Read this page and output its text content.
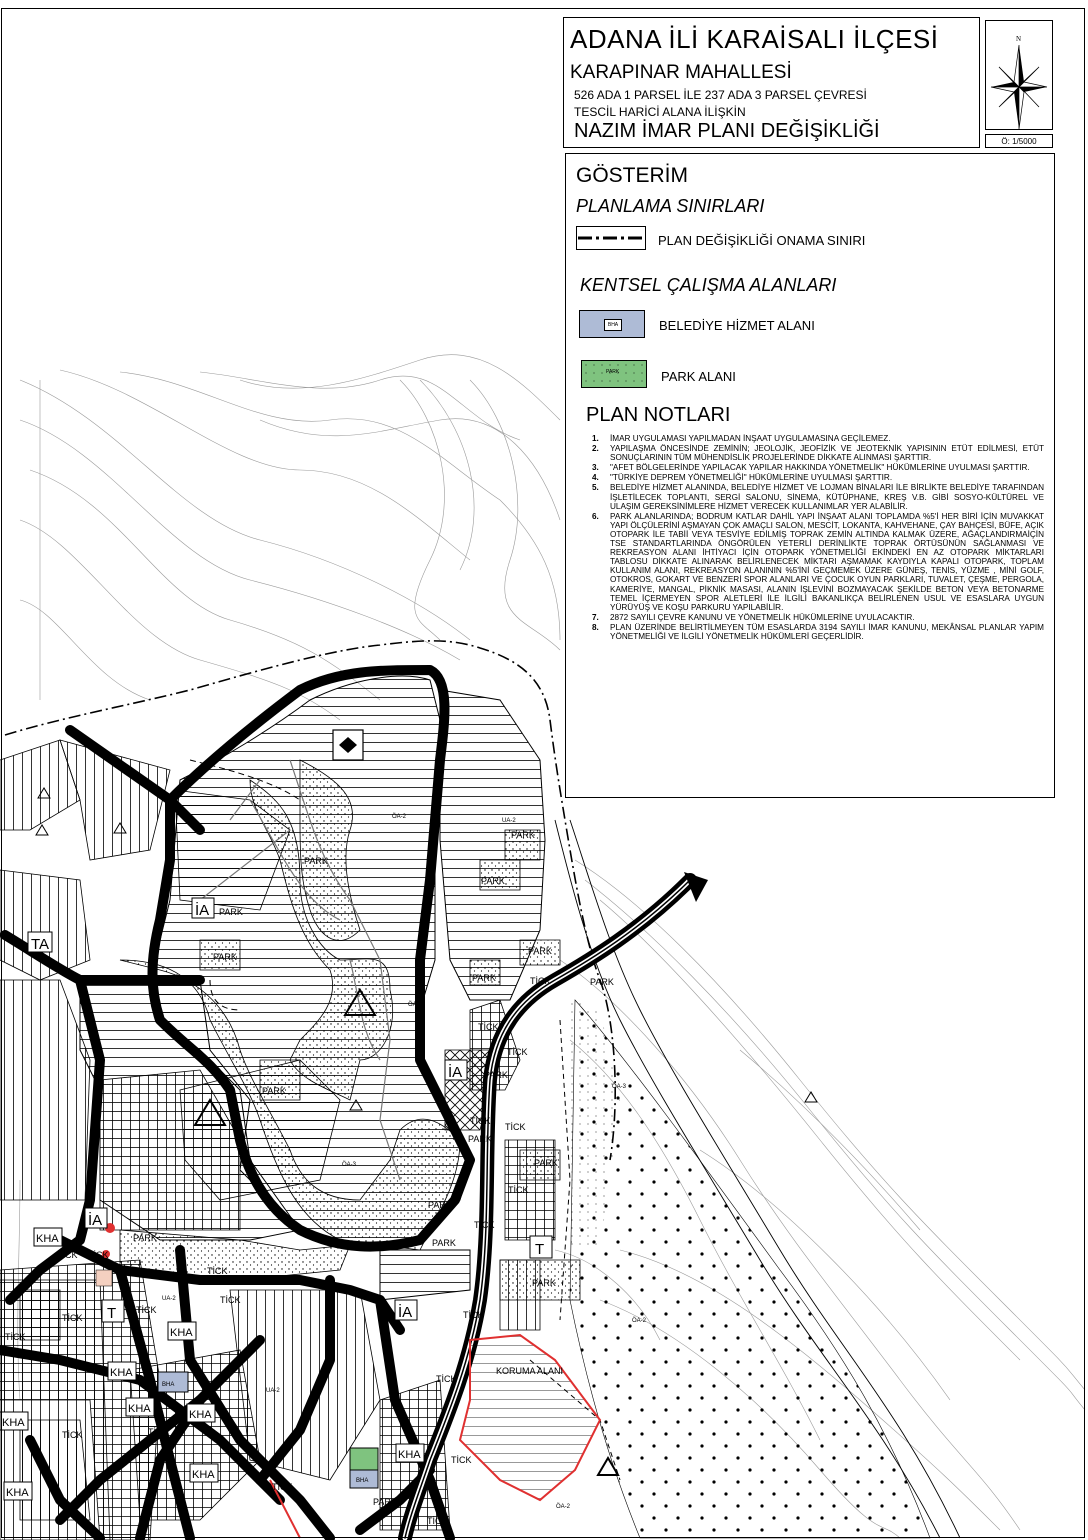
PARK
PARK
PARK
PARK
PARK
PARK
PARK
PARK
PARK
PARK
PARK
PARK
PARK
PARK
PARK
TİCK
TİCK
TİCK
TİCK
TİCK
TİCK
TİCK
TİCK
TİCK
TİCK
TİCK
TİCK
TİCK
TİCK
TİCK
TİCK
TİCK
TİCK
TİCK
TİCK TİCK
PARK
PARK
KORUMA ALANI
UA-2
UA-2
UA-2
ÖA-2
ÖA-2
ÖA-2
ÖA-2
ÖA-3
ÖA-3
İA
İA
İA
İA
TA
T
T
KHA
KHA
KHA
KHA	KHA
KHA
KHA
KHA
KHA
BHA
BHA
ADANA İLİ KARAİSALI İLÇESİ
KARAPINAR MAHALLESİ
526 ADA 1 PARSEL İLE 237 ADA 3 PARSEL ÇEVRESİ
TESCİL HARİCİ ALANA İLİŞKİN
NAZIM İMAR PLANI DEĞİŞİKLİĞİ
N
Ö: 1/5000
GÖSTERİM
PLANLAMA SINIRLARI
PLAN DEĞİŞİKLİĞİ ONAMA SINIRI
KENTSEL ÇALIŞMA ALANLARI
BHA	BELEDİYE HİZMET ALANI
PARK	PARK ALANI
PLAN NOTLARI
1.	İMAR UYGULAMASI YAPILMADAN İNŞAAT UYGULAMASINA GEÇİLEMEZ.
2.	YAPILAŞMA ÖNCESİNDE ZEMİNİN; JEOLOJİK, JEOFİZİK VE JEOTEKNİK YAPISININ ETÜT EDİLMESİ, ETÜT SONUÇLARININ TÜM MÜHENDİSLİK PROJELERİNDE DİKKATE ALINMASI ŞARTTIR.
3.	"AFET BÖLGELERİNDE YAPILACAK YAPILAR HAKKINDA YÖNETMELİK" HÜKÜMLERİNE UYULMASI ŞARTTIR.
4.	"TÜRKİYE DEPREM YÖNETMELİĞİ" HÜKÜMLERİNE UYULMASI ŞARTTIR.
5.	BELEDİYE HİZMET ALANINDA, BELEDİYE HİZMET VE LOJMAN BİNALARI İLE BİRLİKTE BELEDİYE TARAFINDAN İŞLETİLECEK TOPLANTI, SERGİ SALONU, SİNEMA, KÜTÜPHANE, KREŞ V.B. GİBİ SOSYO-KÜLTÜREL VE ULAŞIM GEREKSİNİMLERE HİZMET VERECEK KULLANIMLAR YER ALABİLİR.
6.	PARK ALANLARINDA; BODRUM KATLAR DAHİL YAPI İNŞAAT ALANI TOPLAMDA %5'İ HER BİRİ İÇİN MUVAKKAT YAPI ÖLÇÜLERİNİ AŞMAYAN ÇOK AMAÇLI SALON, MESCİT, LOKANTA, KAHVEHANE, ÇAY BAHÇESİ, BÜFE, AÇIK OTOPARK İLE TABİİ VEYA TESVİYE EDİLMİŞ TOPRAK ZEMİN ALTINDA KALMAK ÜZERE, AĞAÇLANDIRMAİÇİN TSE STANDARTLARINDA ÖNGÖRÜLEN YETERLİ DERİNLİKTE TOPRAK ÖRTÜSÜNÜN SAĞLANMASI VE REKREASYON ALANI İHTİYACI İÇİN OTOPARK YÖNETMELİĞİ EKİNDEKİ EN AZ OTOPARK MİKTARLARI TABLOSU DİKKATE ALINARAK BELİRLENECEK MİKTARI AŞMAMAK KAYDIYLA KAPALI OTOPARK, TOPLAM KULLANIM ALANI, REKREASYON ALANININ %5'İNİ GEÇMEMEK ÜZERE GÜNEŞ, TENİS, YÜZME , MİNİ GOLF, OTOKROS, GOKART VE BENZERİ SPOR ALANLARI VE ÇOCUK OYUN PARKLARI, TUVALET, ÇEŞME, PERGOLA, KAMERİYE, MANGAL, PİKNİK MASASI, ALANIN İŞLEVİNİ BOZMAYACAK ŞEKİLDE BETON VEYA BETONARME TEMEL İÇERMEYEN SPOR ALETLERİ İLE İLGİLİ BAKANLIKÇA BELİRLENEN USUL VE ESASLARA UYGUN YÜRÜYÜŞ VE KOŞU PARKURU YAPILABİLİR.
7.	2872 SAYILI ÇEVRE KANUNU VE YÖNETMELİK HÜKÜMLERİNE UYULACAKTIR.
8.	PLAN ÜZERİNDE BELİRTİLMEYEN TÜM ESASLARDA 3194 SAYILI İMAR KANUNU, MEKÂNSAL PLANLAR YAPIM YÖNETMELİĞİ VE İLGİLİ YÖNETMELİK HÜKÜMLERİ GEÇERLİDİR.
